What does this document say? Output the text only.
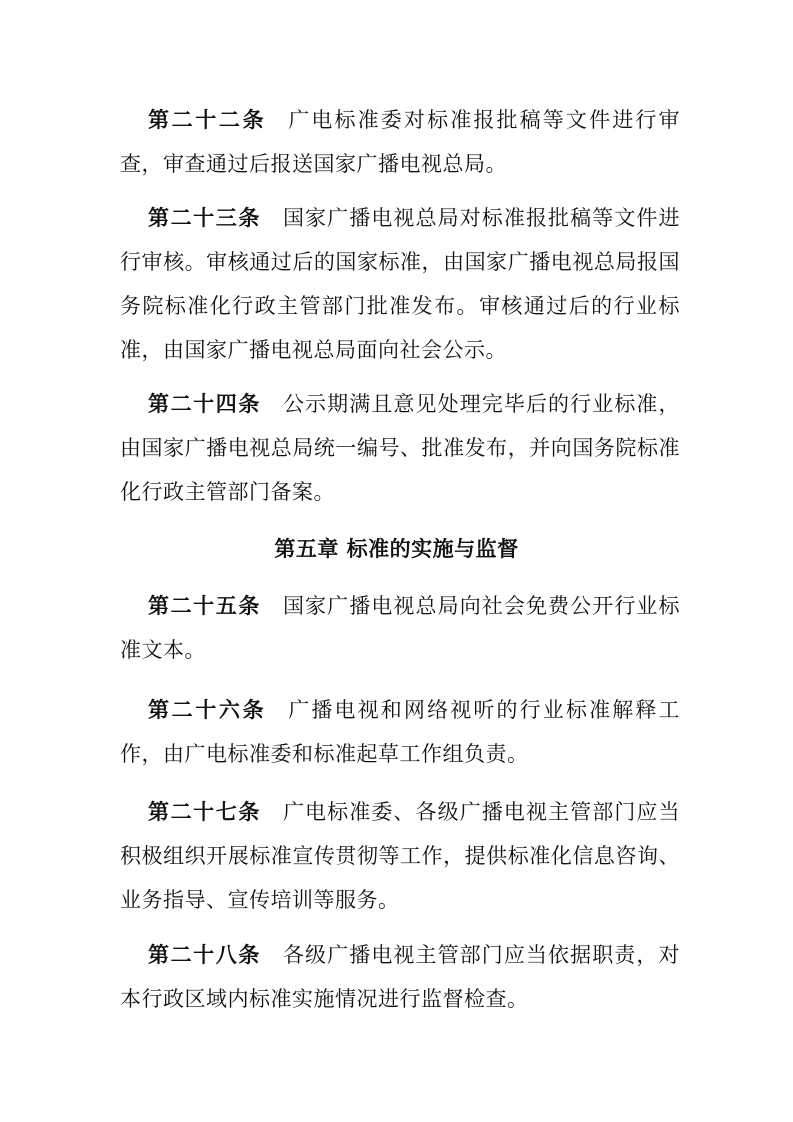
第二十二条 广电标准委对标准报批稿等文件进行审查，审查通过后报送国家广播电视总局。

第二十三条 国家广播电视总局对标准报批稿等文件进行审核。审核通过后的国家标准，由国家广播电视总局报国务院标准化行政主管部门批准发布。审核通过后的行业标准，由国家广播电视总局面向社会公示。

第二十四条 公示期满且意见处理完毕后的行业标准，由国家广播电视总局统一编号、批准发布，并向国务院标准化行政主管部门备案。

第五章 标准的实施与监督

第二十五条 国家广播电视总局向社会免费公开行业标准文本。

第二十六条 广播电视和网络视听的行业标准解释工作，由广电标准委和标准起草工作组负责。

第二十七条 广电标准委、各级广播电视主管部门应当积极组织开展标准宣传贯彻等工作，提供标准化信息咨询、业务指导、宣传培训等服务。

第二十八条 各级广播电视主管部门应当依据职责，对本行政区域内标准实施情况进行监督检查。
